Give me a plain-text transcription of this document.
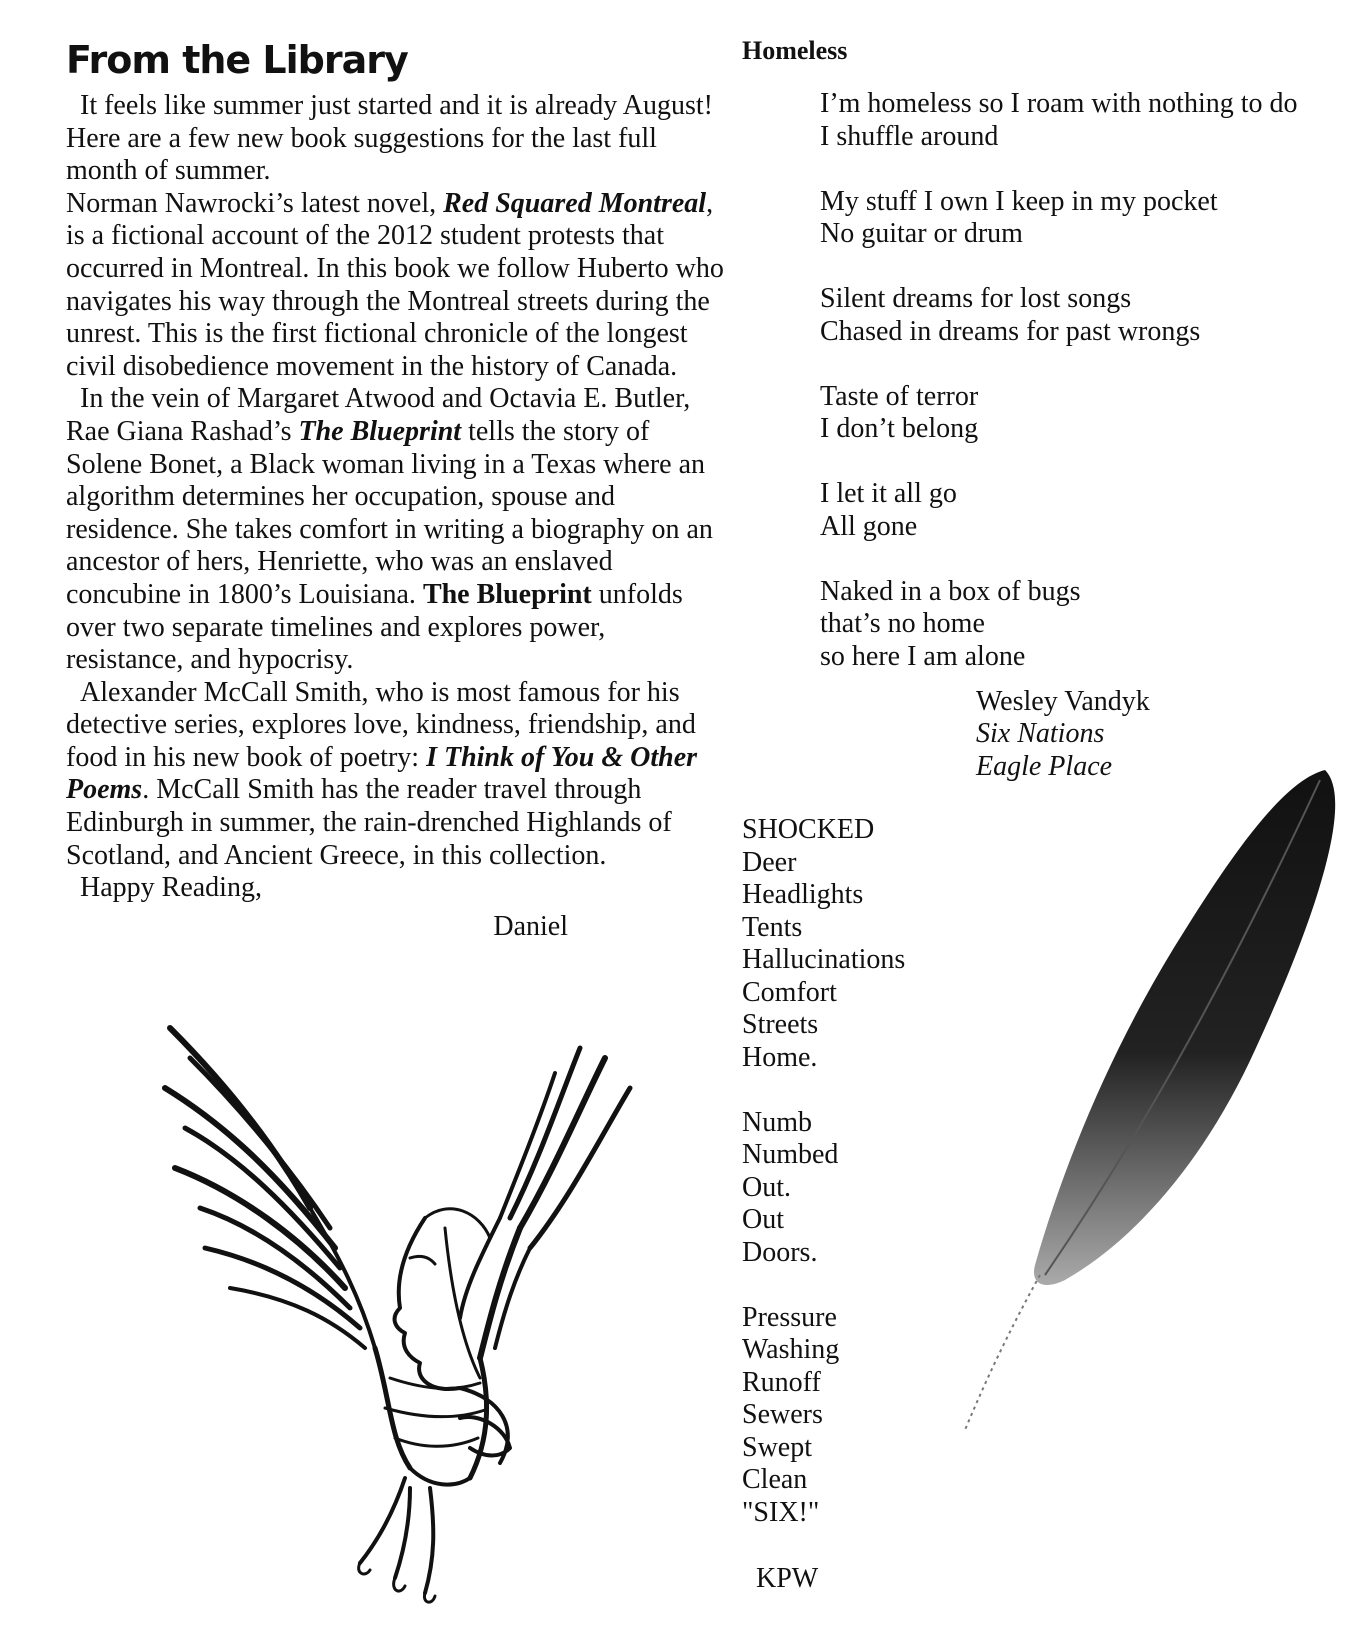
From the Library

It feels like summer just started and it is already August! Here are a few new book suggestions for the last full month of summer.

Norman Nawrocki’s latest novel, Red Squared Montreal, is a fictional account of the 2012 student protests that occurred in Montreal. In this book we follow Huberto who navigates his way through the Montreal streets during the unrest. This is the first fictional chronicle of the longest civil disobedience movement in the history of Canada.

In the vein of Margaret Atwood and Octavia E. Butler, Rae Giana Rashad’s The Blueprint tells the story of Solene Bonet, a Black woman living in a Texas where an algorithm determines her occupation, spouse and residence. She takes comfort in writing a biography on an ancestor of hers, Henriette, who was an enslaved concubine in 1800’s Louisiana. The Blueprint unfolds over two separate timelines and explores power, resistance, and hypocrisy.

Alexander McCall Smith, who is most famous for his detective series, explores love, kindness, friendship, and food in his new book of poetry: I Think of You & Other Poems. McCall Smith has the reader travel through Edinburgh in summer, the rain-drenched Highlands of Scotland, and Ancient Greece, in this collection.

Happy Reading,

Daniel
Homeless
I’m homeless so I roam with nothing to do
I shuffle around
My stuff I own I keep in my pocket
No guitar or drum
Silent dreams for lost songs
Chased in dreams for past wrongs
Taste of terror
I don’t belong
I let it all go
All gone
Naked in a box of bugs
that’s no home
so here I am alone
Wesley Vandyk
Six Nations
Eagle Place
SHOCKED
Deer
Headlights
Tents
Hallucinations
Comfort
Streets
Home.
Numb
Numbed
Out.
Out
Doors.
Pressure
Washing
Runoff
Sewers
Swept
Clean
"SIX!"
KPW
